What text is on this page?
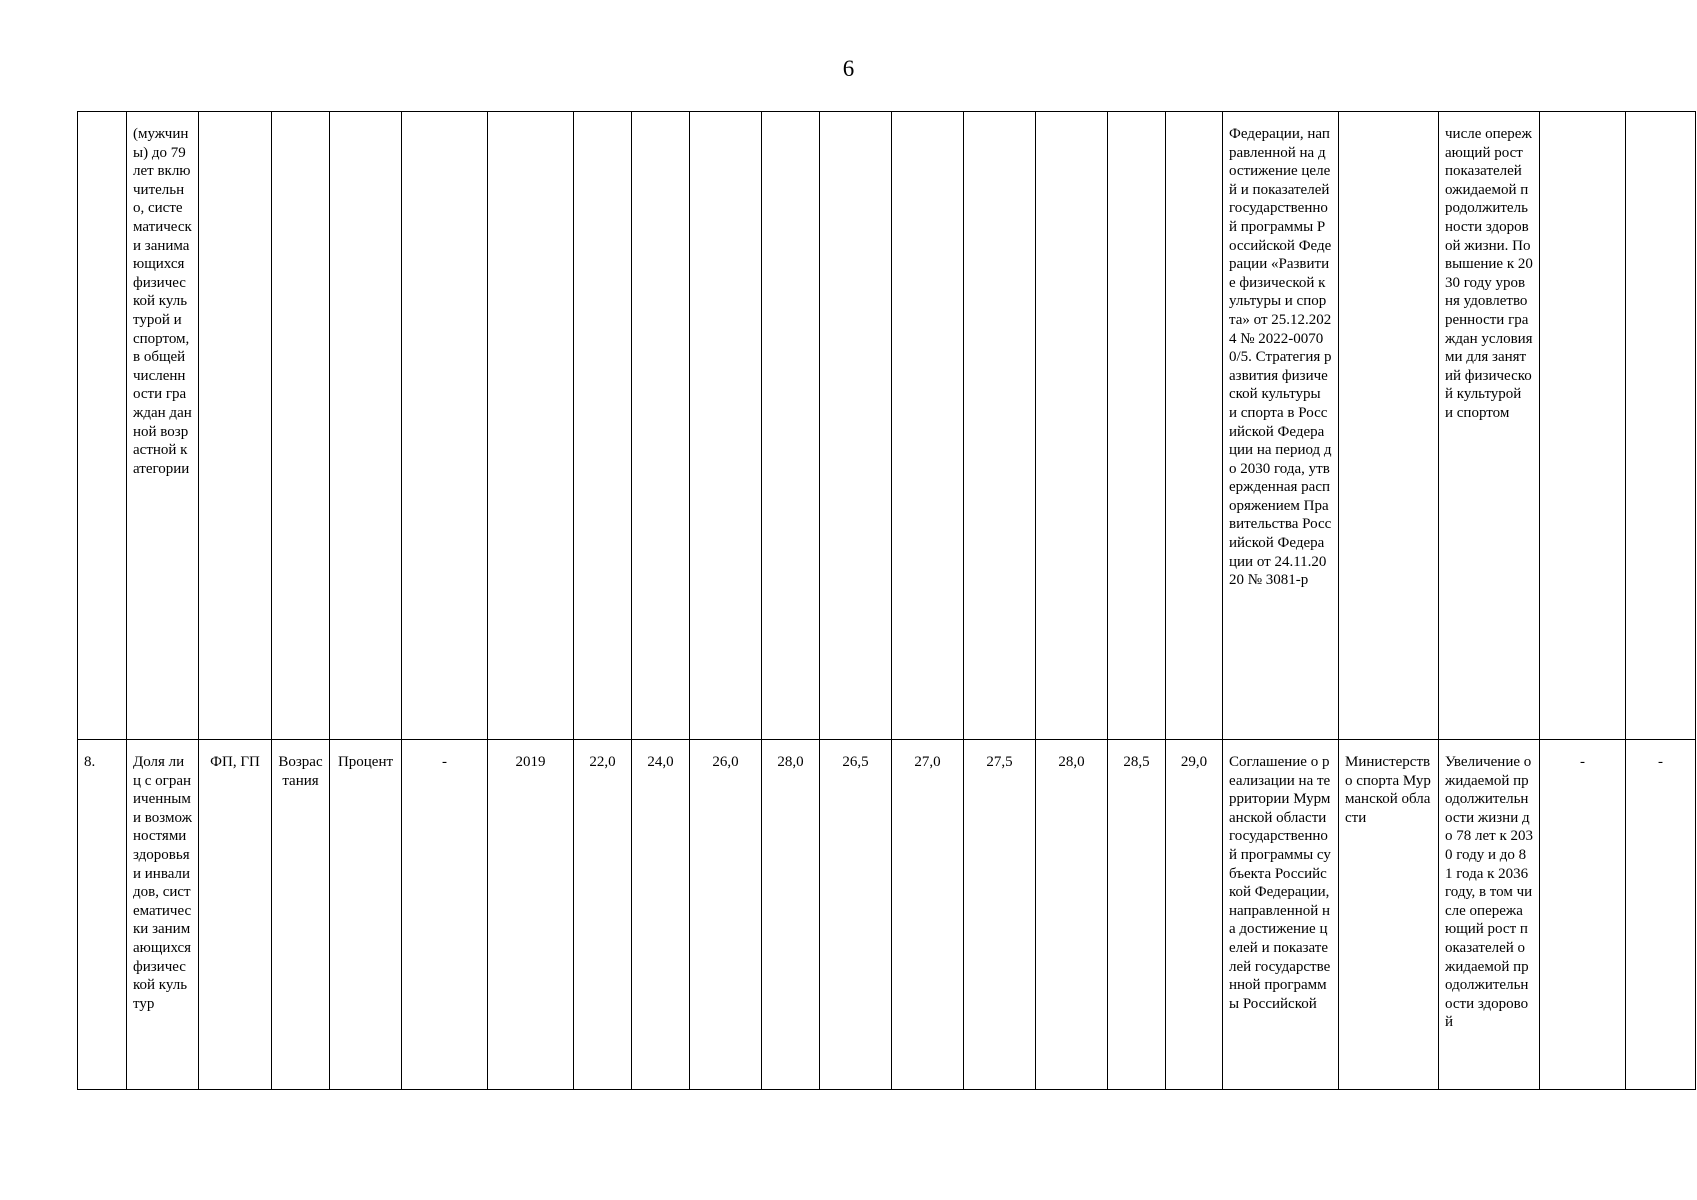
6

	(мужчины) до 79 лет включительно, систематически занимающихся физической культурой и спортом, в общей численности граждан данной возрастной категории																Федерации, направленной на достижение целей и показателей государственной программы Российской Федерации «Развитие физической культуры и спорта» от 25.12.2024 № 2022-00700/5. Стратегия развития физической культуры и спорта в Российской Федерации на период до 2030 года, утвержденная распоряжением Правительства Российской Федерации от 24.11.2020 № 3081-р		числе опережающий рост показателей ожидаемой продолжительности здоровой жизни. Повышение к 2030 году уровня удовлетворенности граждан условиями для занятий физической культурой и спортом		

8.	Доля лиц с ограниченными возможностями здоровья и инвалидов, систематически занимающихся физической культур	ФП, ГП	Возрастания	Процент	-	2019	22,0	24,0	26,0	28,0	26,5	27,0	27,5	28,0	28,5	29,0	Соглашение о реализации на территории Мурманской области государственной программы субъекта Российской Федерации, направленной на достижение целей и показателей государственной программы Российской	Министерство спорта Мурманской области	Увеличение ожидаемой продолжительности жизни до 78 лет к 2030 году и до 81 года к 2036 году, в том числе опережающий рост показателей ожидаемой продолжительности здоровой	-	-
